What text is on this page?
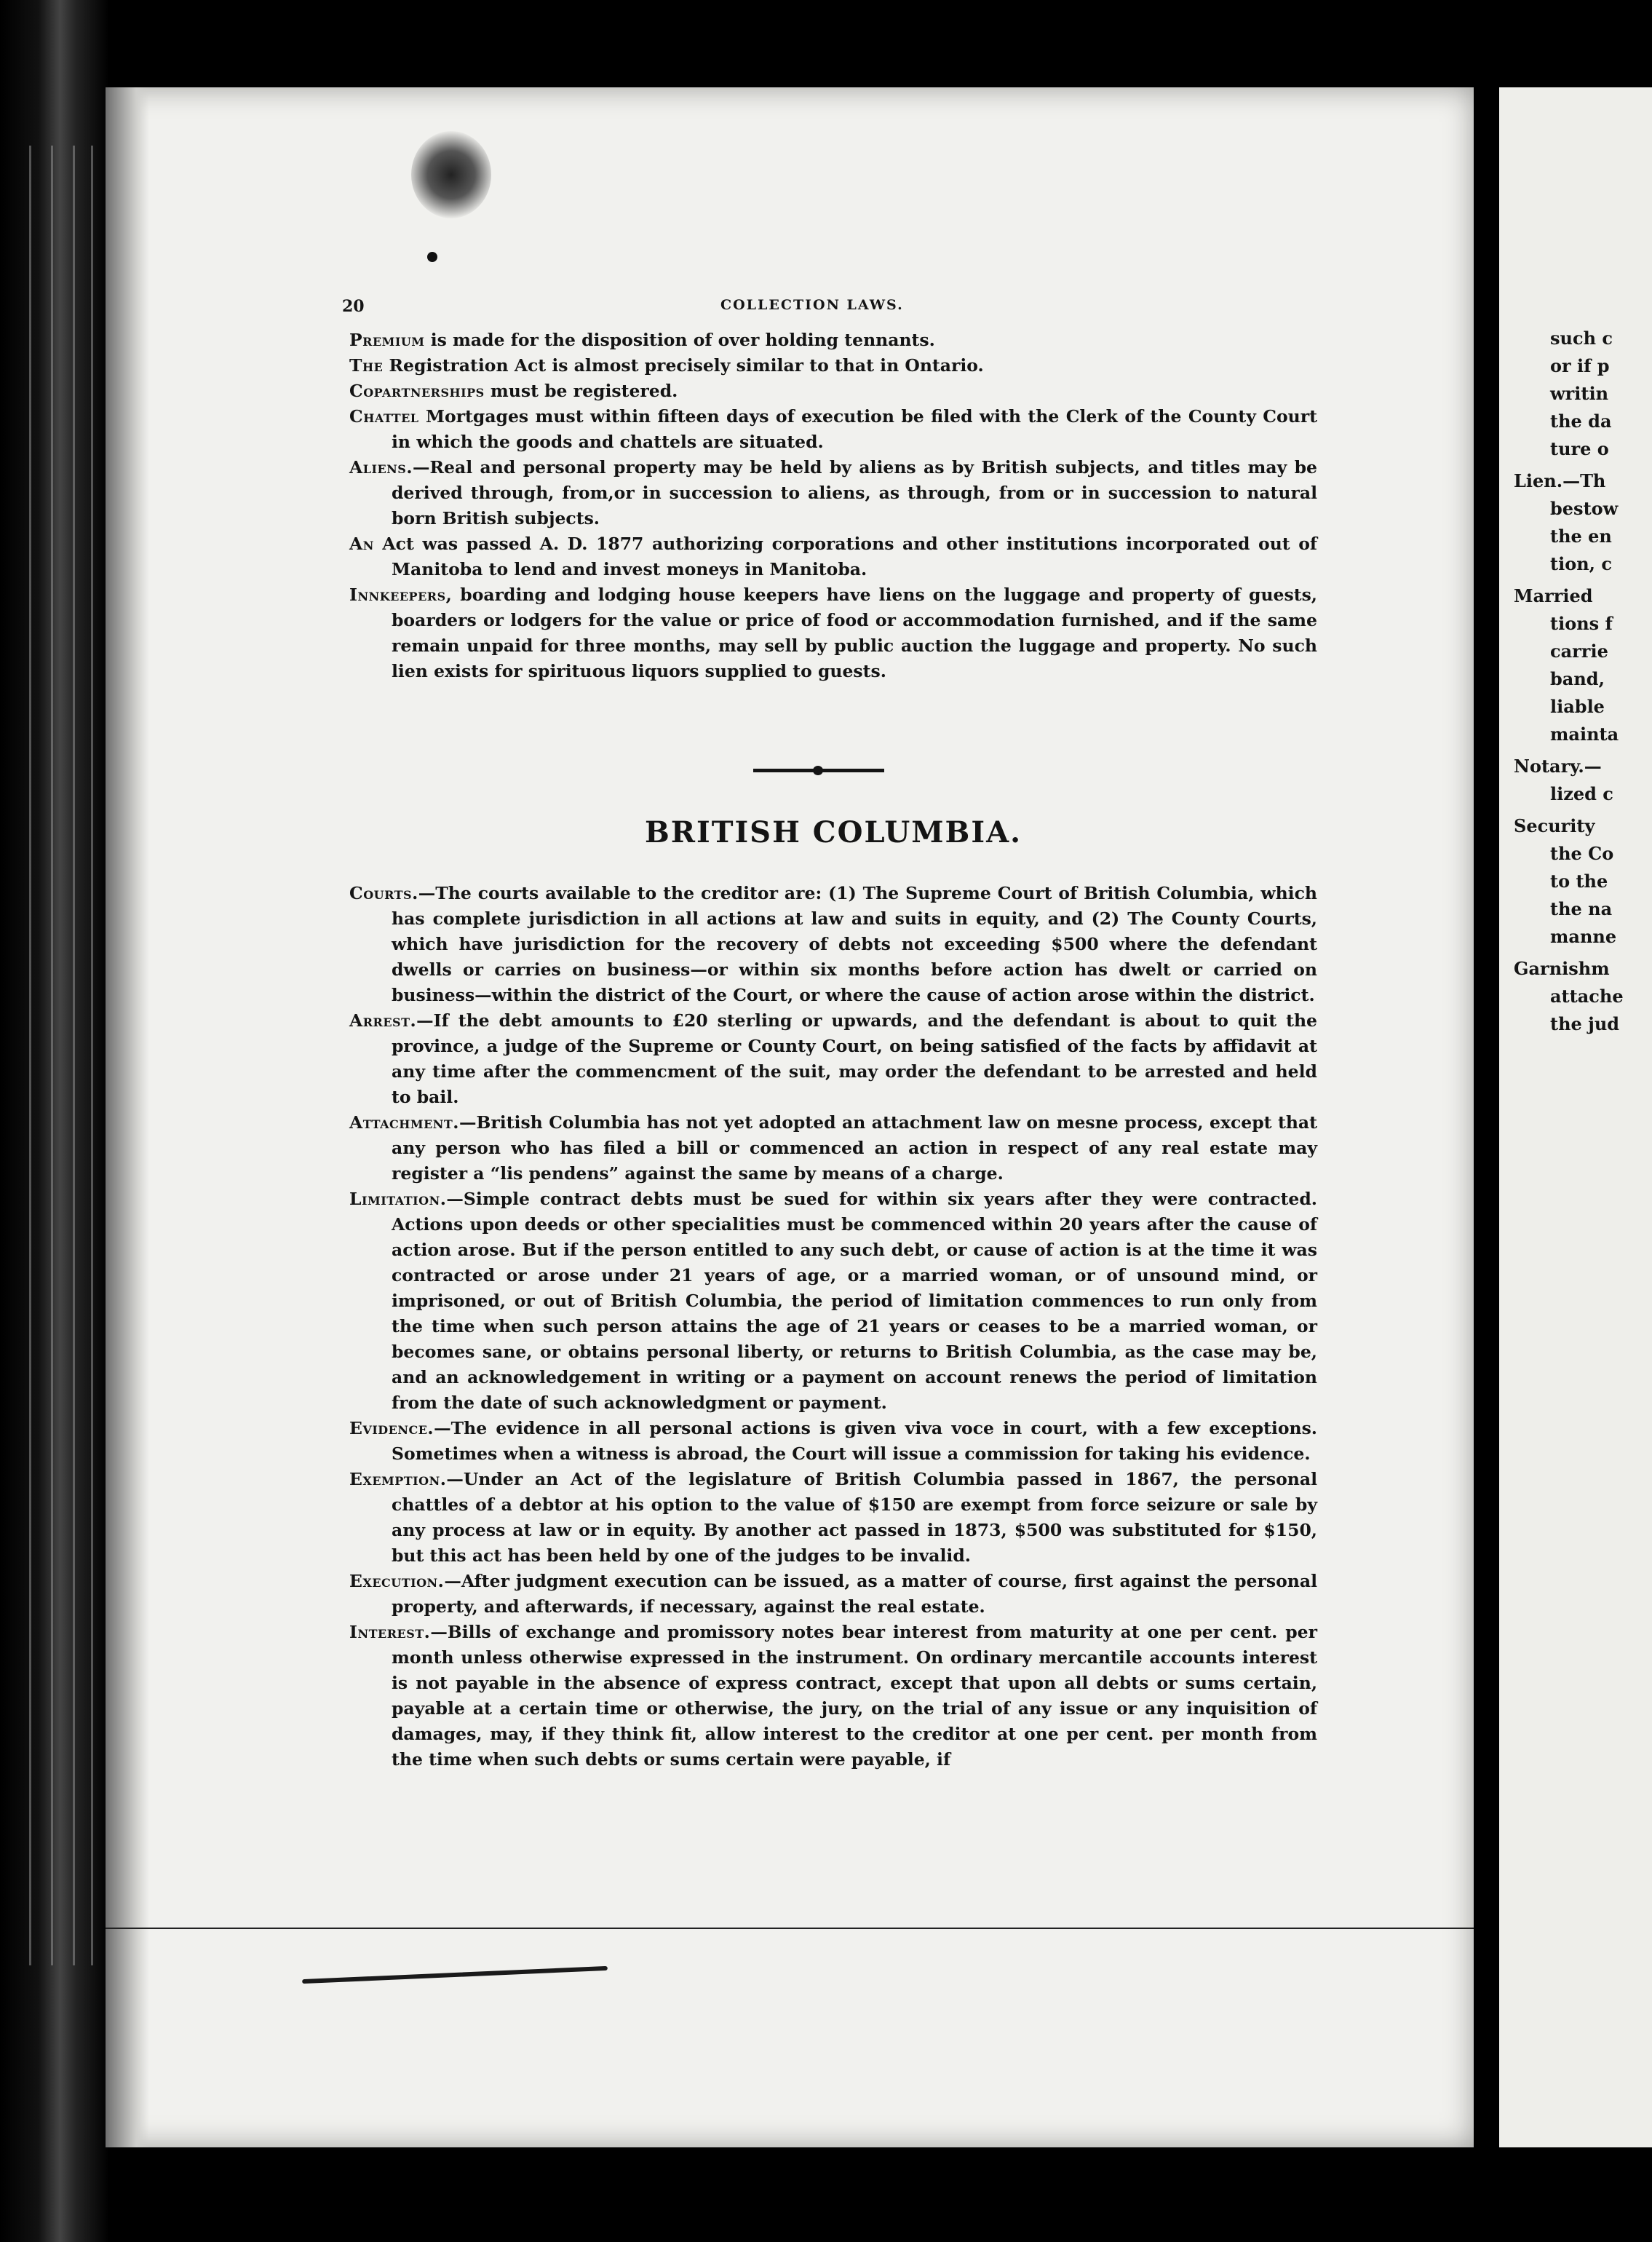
20	COLLECTION LAWS.

Premium is made for the disposition of over holding tennants.

The Registration Act is almost precisely similar to that in Ontario.

Copartnerships must be registered.

Chattel Mortgages must within fifteen days of execution be filed with the Clerk of the County Court in which the goods and chattels are situated.

Aliens.—Real and personal property may be held by aliens as by British subjects, and titles may be derived through, from,or in succession to aliens, as through, from or in succession to natural born British subjects.

An Act was passed A. D. 1877 authorizing corporations and other institutions incorporated out of Manitoba to lend and invest moneys in Manitoba.

Innkeepers, boarding and lodging house keepers have liens on the luggage and property of guests, boarders or lodgers for the value or price of food or accommodation furnished, and if the same remain unpaid for three months, may sell by public auction the luggage and property. No such lien exists for spirituous liquors supplied to guests.

BRITISH COLUMBIA.

Courts.—The courts available to the creditor are: (1) The Supreme Court of British Columbia, which has complete jurisdiction in all actions at law and suits in equity, and (2) The County Courts, which have jurisdiction for the recovery of debts not exceeding $500 where the defendant dwells or carries on business—or within six months before action has dwelt or carried on business—within the district of the Court, or where the cause of action arose within the district.

Arrest.—If the debt amounts to £20 sterling or upwards, and the defendant is about to quit the province, a judge of the Supreme or County Court, on being satisfied of the facts by affidavit at any time after the commencment of the suit, may order the defendant to be arrested and held to bail.

Attachment.—British Columbia has not yet adopted an attachment law on mesne process, except that any person who has filed a bill or commenced an action in respect of any real estate may register a “lis pendens” against the same by means of a charge.

Limitation.—Simple contract debts must be sued for within six years after they were contracted. Actions upon deeds or other specialities must be commenced within 20 years after the cause of action arose. But if the person entitled to any such debt, or cause of action is at the time it was contracted or arose under 21 years of age, or a married woman, or of unsound mind, or imprisoned, or out of British Columbia, the period of limitation commences to run only from the time when such person attains the age of 21 years or ceases to be a married woman, or becomes sane, or obtains personal liberty, or returns to British Columbia, as the case may be, and an acknowledgement in writing or a payment on account renews the period of limitation from the date of such acknowledgment or payment.

Evidence.—The evidence in all personal actions is given viva voce in court, with a few exceptions. Sometimes when a witness is abroad, the Court will issue a commission for taking his evidence.

Exemption.—Under an Act of the legislature of British Columbia passed in 1867, the personal chattles of a debtor at his option to the value of $150 are exempt from force seizure or sale by any process at law or in equity. By another act passed in 1873, $500 was substituted for $150, but this act has been held by one of the judges to be invalid.

Execution.—After judgment execution can be issued, as a matter of course, first against the personal property, and afterwards, if necessary, against the real estate.

Interest.—Bills of exchange and promissory notes bear interest from maturity at one per cent. per month unless otherwise expressed in the instrument. On ordinary mercantile accounts interest is not payable in the absence of express contract, except that upon all debts or sums certain, payable at a certain time or otherwise, the jury, on the trial of any issue or any inquisition of damages, may, if they think fit, allow interest to the creditor at one per cent. per month from the time when such debts or sums certain were payable, if

such c
or if p
writin
the da
ture o
Lien.—Th
bestow
the en
tion, c
Married
tions f
carrie
band,
liable
mainta
Notary.—
lized c
Security
the Co
to the
the na
manne
Garnishm
attache
the jud
